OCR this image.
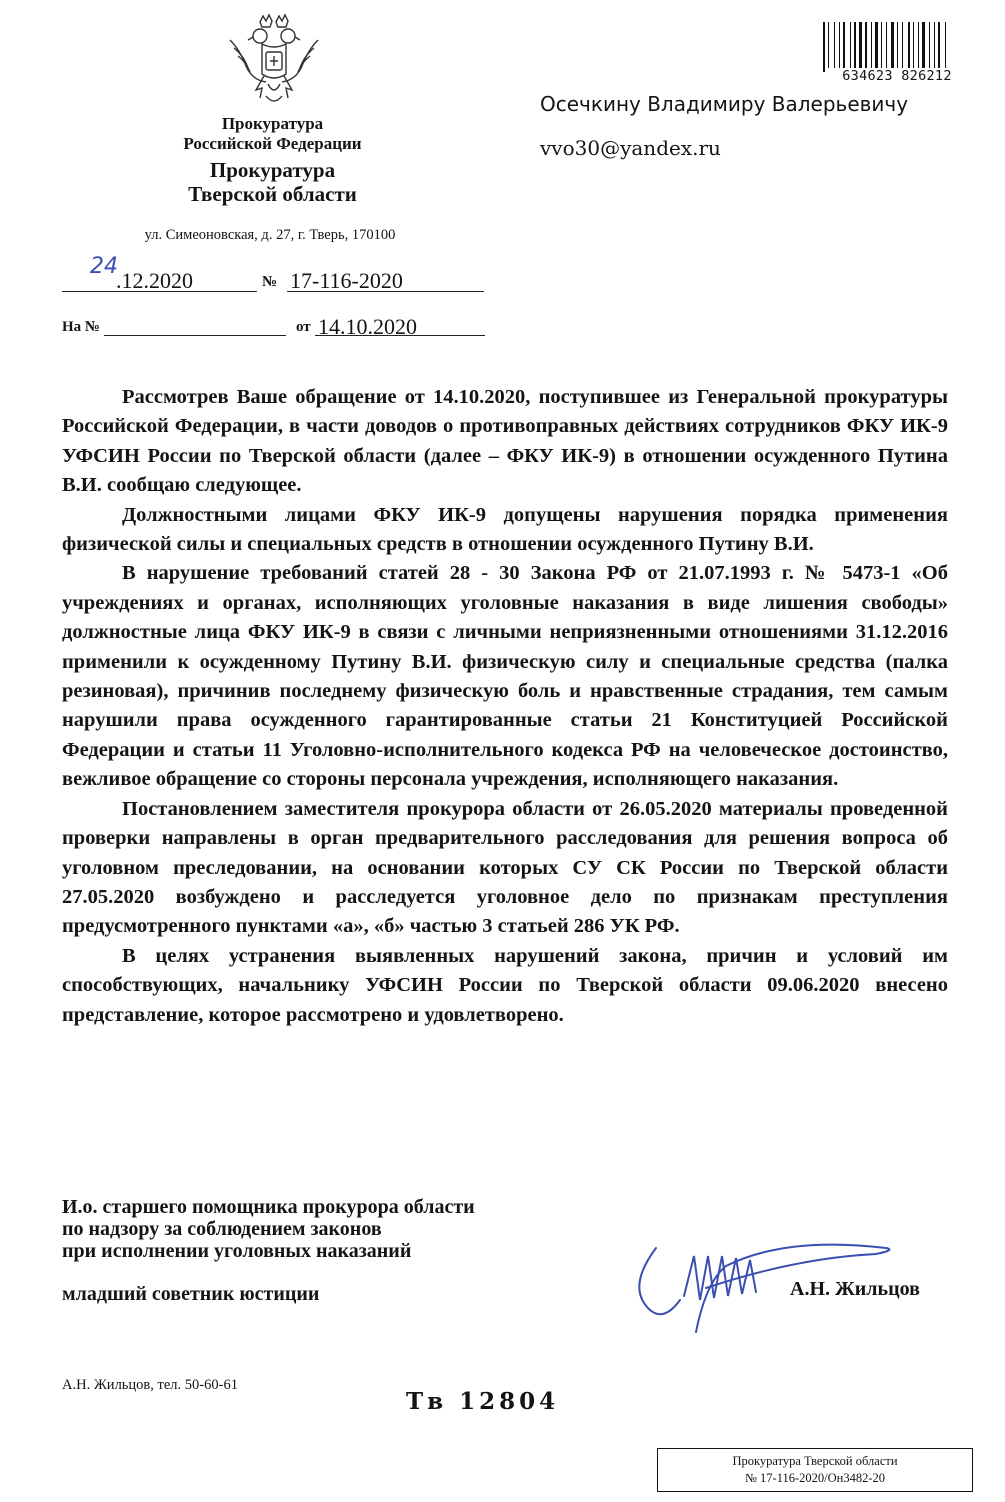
Прокуратура
Российской Федерации
Прокуратура
Тверской области
ул. Симеоновская, д. 27, г. Тверь, 170100
24
.12.2020	№ 17-116-2020
На №	от 14.10.2020
634623 826212
Осечкину Владимиру Валерьевичу
vvo30@yandex.ru

Рассмотрев Ваше обращение от 14.10.2020, поступившее из Генеральной прокуратуры Российской Федерации, в части доводов о противоправных действиях сотрудников ФКУ ИК-9 УФСИН России по Тверской области (далее – ФКУ ИК-9) в отношении осужденного Путина В.И. сообщаю следующее.

Должностными лицами ФКУ ИК-9 допущены нарушения порядка применения физической силы и специальных средств в отношении осужденного Путину В.И.

В нарушение требований статей 28 - 30 Закона РФ от 21.07.1993 г. № 5473-1 «Об учреждениях и органах, исполняющих уголовные наказания в виде лишения свободы» должностные лица ФКУ ИК-9 в связи с личными неприязненными отношениями 31.12.2016 применили к осужденному Путину В.И. физическую силу и специальные средства (палка резиновая), причинив последнему физическую боль и нравственные страдания, тем самым нарушили права осужденного гарантированные статьи 21 Конституцией Российской Федерации и статьи 11 Уголовно-исполнительного кодекса РФ на человеческое достоинство, вежливое обращение со стороны персонала учреждения, исполняющего наказания.

Постановлением заместителя прокурора области от 26.05.2020 материалы проведенной проверки направлены в орган предварительного расследования для решения вопроса об уголовном преследовании, на основании которых СУ СК России по Тверской области 27.05.2020 возбуждено и расследуется уголовное дело по признакам преступления предусмотренного пунктами «а», «б» частью 3 статьей 286 УК РФ.

В целях устранения выявленных нарушений закона, причин и условий им способствующих, начальнику УФСИН России по Тверской области 09.06.2020 внесено представление, которое рассмотрено и удовлетворено.

И.о. старшего помощника прокурора области
по надзору за соблюдением законов
при исполнении уголовных наказаний
младший советник юстиции	А.Н. Жильцов
А.Н. Жильцов, тел. 50-60-61
Тв 12804
Прокуратура Тверской области
№ 17-116-2020/Он3482-20
